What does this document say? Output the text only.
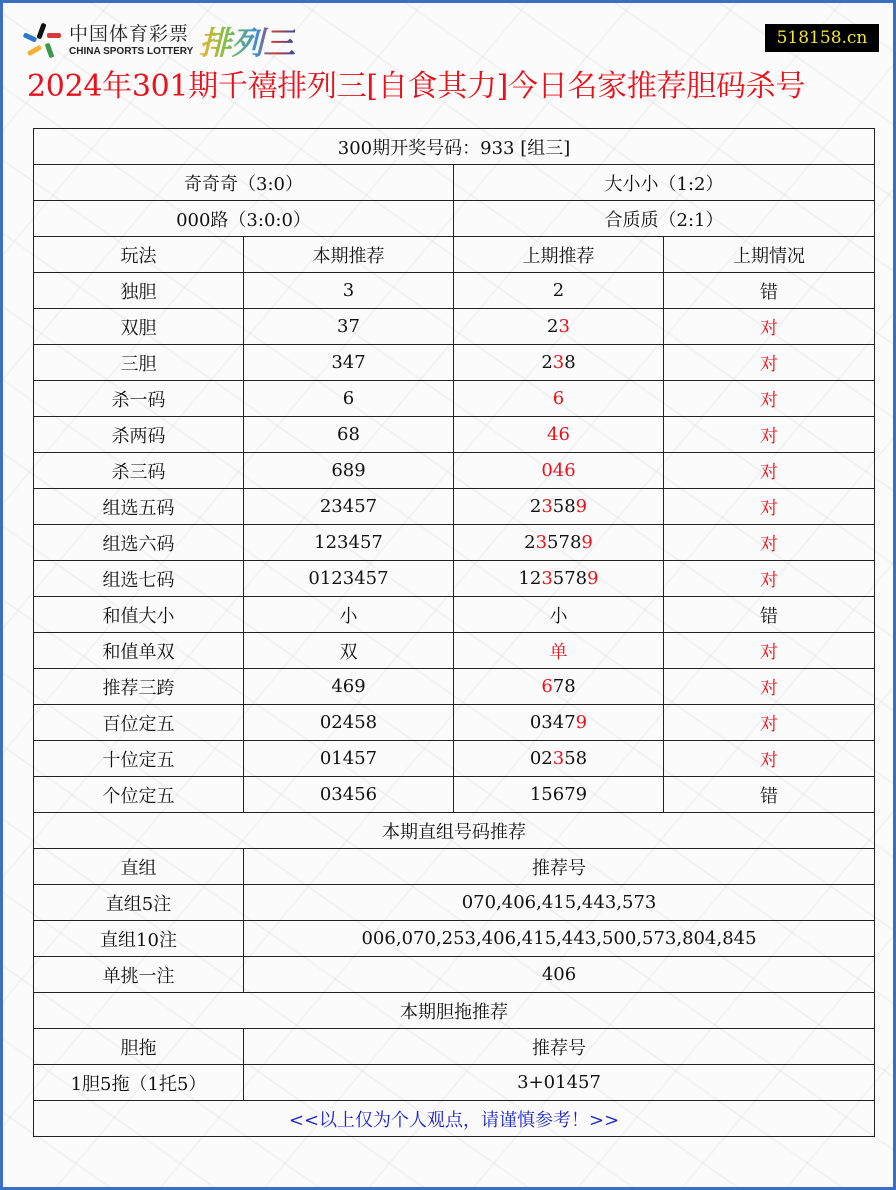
中国体育彩票
CHINA SPORTS LOTTERY 排列三	518158.cn
2024年301期千禧排列三[自食其力]今日名家推荐胆码杀号
300期开奖号码：933 [组三]			
奇奇奇（3:0）		大小小（1:2）	
000路（3:0:0）		合质质（2:1）	
玩法	本期推荐	上期推荐	上期情况
独胆	3	2	错
双胆	37	23	对
三胆	347	238	对
杀一码	6	6	对
杀两码	68	46	对
杀三码	689	046	对
组选五码	23457	23589	对
组选六码	123457	235789	对
组选七码	0123457	1235789	对
和值大小	小	小	错
和值单双	双	单	对
推荐三跨	469	678	对
百位定五	02458	03479	对
十位定五	01457	02358	对
个位定五	03456	15679	错
本期直组号码推荐			
直组	推荐号		
直组5注	070,406,415,443,573		
直组10注	006,070,253,406,415,443,500,573,804,845		
单挑一注	406		
本期胆拖推荐			
胆拖	推荐号		
1胆5拖（1托5）	3+01457		
<<以上仅为个人观点，请谨慎参考！>>			
